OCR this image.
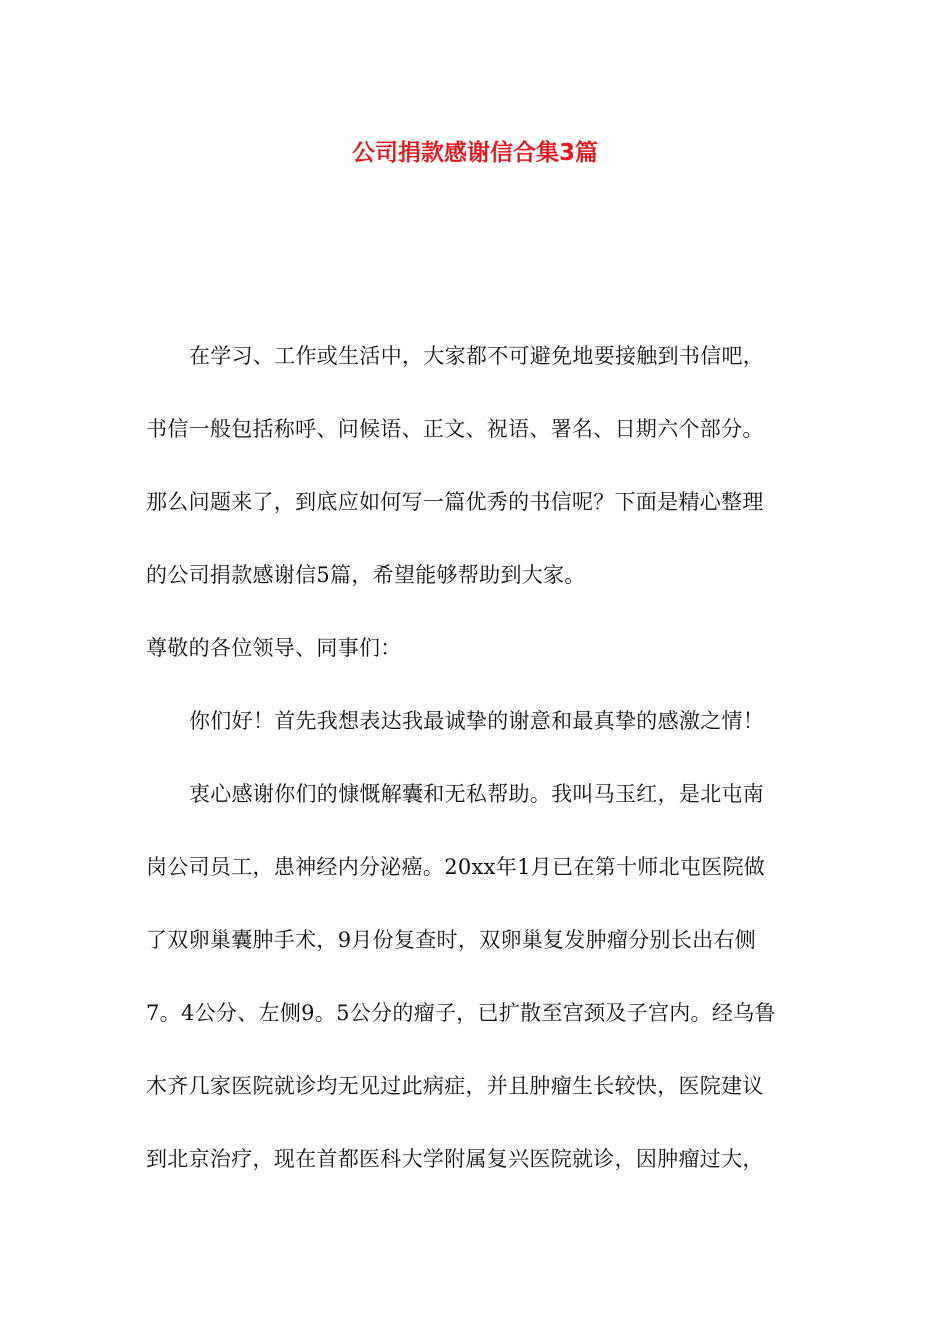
公司捐款感谢信合集3篇
在学习、工作或生活中，大家都不可避免地要接触到书信吧，
书信一般包括称呼、问候语、正文、祝语、署名、日期六个部分。
那么问题来了，到底应如何写一篇优秀的书信呢？下面是精心整理
的公司捐款感谢信5篇，希望能够帮助到大家。
尊敬的各位领导、同事们：
你们好！首先我想表达我最诚挚的谢意和最真挚的感激之情！
衷心感谢你们的慷慨解囊和无私帮助。我叫马玉红，是北屯南
岗公司员工，患神经内分泌癌。20xx年1月已在第十师北屯医院做
了双卵巢囊肿手术，9月份复查时，双卵巢复发肿瘤分别长出右侧
7。4公分、左侧9。5公分的瘤子，已扩散至宫颈及子宫内。经乌鲁
木齐几家医院就诊均无见过此病症，并且肿瘤生长较快，医院建议
到北京治疗，现在首都医科大学附属复兴医院就诊，因肿瘤过大，
